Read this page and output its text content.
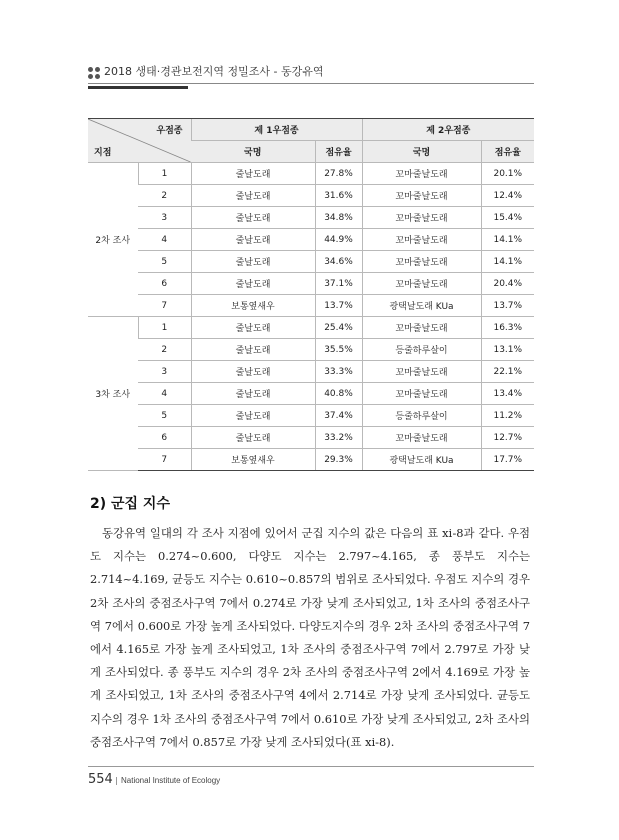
2018 생태·경관보전지역 정밀조사 - 동강유역
우점종
지점		제 1우점종		제 2우점종	
		국명	점유율	국명	점유율
2차 조사	1	줄날도래	27.8%	꼬마줄날도래	20.1%
	2	줄날도래	31.6%	꼬마줄날도래	12.4%
	3	줄날도래	34.8%	꼬마줄날도래	15.4%
	4	줄날도래	44.9%	꼬마줄날도래	14.1%
	5	줄날도래	34.6%	꼬마줄날도래	14.1%
	6	줄날도래	37.1%	꼬마줄날도래	20.4%
	7	보통옆새우	13.7%	광택날도래 KUa	13.7%
3차 조사	1	줄날도래	25.4%	꼬마줄날도래	16.3%
	2	줄날도래	35.5%	등줄하루살이	13.1%
	3	줄날도래	33.3%	꼬마줄날도래	22.1%
	4	줄날도래	40.8%	꼬마줄날도래	13.4%
	5	줄날도래	37.4%	등줄하루살이	11.2%
	6	줄날도래	33.2%	꼬마줄날도래	12.7%
	7	보통옆새우	29.3%	광택날도래 KUa	17.7%
2) 군집 지수

동강유역 일대의 각 조사 지점에 있어서 군집 지수의 값은 다음의 표 ⅺ-8과 같다. 우점도 지수는 0.274~0.600, 다양도 지수는 2.797~4.165, 종 풍부도 지수는 2.714~4.169, 균등도 지수는 0.610~0.857의 범위로 조사되었다. 우점도 지수의 경우 2차 조사의 중점조사구역 7에서 0.274로 가장 낮게 조사되었고, 1차 조사의 중점조사구역 7에서 0.600로 가장 높게 조사되었다. 다양도지수의 경우 2차 조사의 중점조사구역 7에서 4.165로 가장 높게 조사되었고, 1차 조사의 중점조사구역 7에서 2.797로 가장 낮게 조사되었다. 종 풍부도 지수의 경우 2차 조사의 중점조사구역 2에서 4.169로 가장 높게 조사되었고, 1차 조사의 중점조사구역 4에서 2.714로 가장 낮게 조사되었다. 균등도 지수의 경우 1차 조사의 중점조사구역 7에서 0.610로 가장 낮게 조사되었고, 2차 조사의 중점조사구역 7에서 0.857로 가장 낮게 조사되었다(표 ⅺ-8).

554 | National Institute of Ecology
